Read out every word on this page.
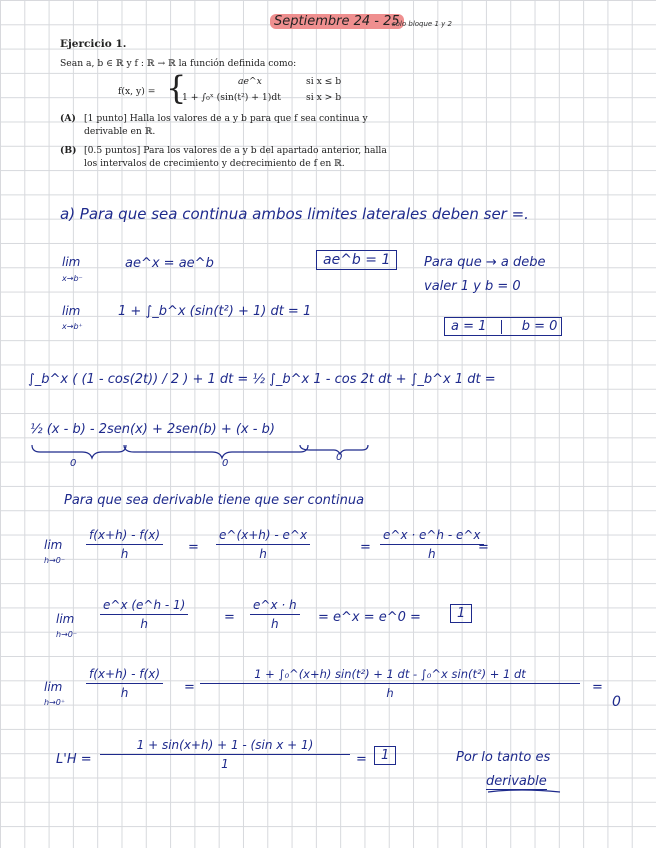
Septiembre 24 - 25
solo bloque 1 y 2
Ejercicio 1.
Sean a, b ∈ ℝ y f : ℝ → ℝ la función definida como:
f(x, y) = {	ae^x	si x ≤ b
1 + ∫₀ˣ (sin(t²) + 1)dt	si x > b
(A) [1 punto] Halla los valores de a y b para que f sea continua y
derivable en ℝ.
(B) [0.5 puntos] Para los valores de a y b del apartado anterior, halla
los intervalos de crecimiento y decrecimiento de f en ℝ.
a) Para que sea continua ambos limites laterales deben ser =.
lim
x→b⁻
ae^x = ae^b	ae^b = 1	Para que → a debe
valer 1 y b = 0
lim
x→b⁺
1 + ∫_b^x (sin(t²) + 1) dt = 1
a = 1	b = 0
∫_b^x ( (1 - cos(2t)) / 2 ) + 1 dt = ½ ∫_b^x 1 - cos 2t dt + ∫_b^x 1 dt =
½ (x - b) - 2sen(x) + 2sen(b) + (x - b)
0	0
0
Para que sea derivable tiene que ser continua
lim
$h\to 0^- \frac{f(x+h) - f(x)}{h} = \frac{e\^{}(x+h) - e\^{}x}{h}$	= $\frac{e\^{}x \cdot e\^{}h - e\^{}x}{h}$
=
lim
h→0⁻
$\frac{e\^{}x (e\^{}h - 1)}{h}$	= $\frac{e\^{}x \cdot h}{h}$ = e^x = e^0 =	1
lim
h→0⁺
$\frac{f(x+h) - f(x)}{h} = \frac{\text{1 + ∫₀\textasciicircum{}(x+h) sin(t²) + 1 dt - ∫₀\textasciicircum{}x sin(t²) + 1 dt}}{h}$ =
0
$L'H = \frac{\text{1 + sin(x+h) + 1 - (sin x + 1)}}{1}$ =	1	Por lo tanto es
derivable
